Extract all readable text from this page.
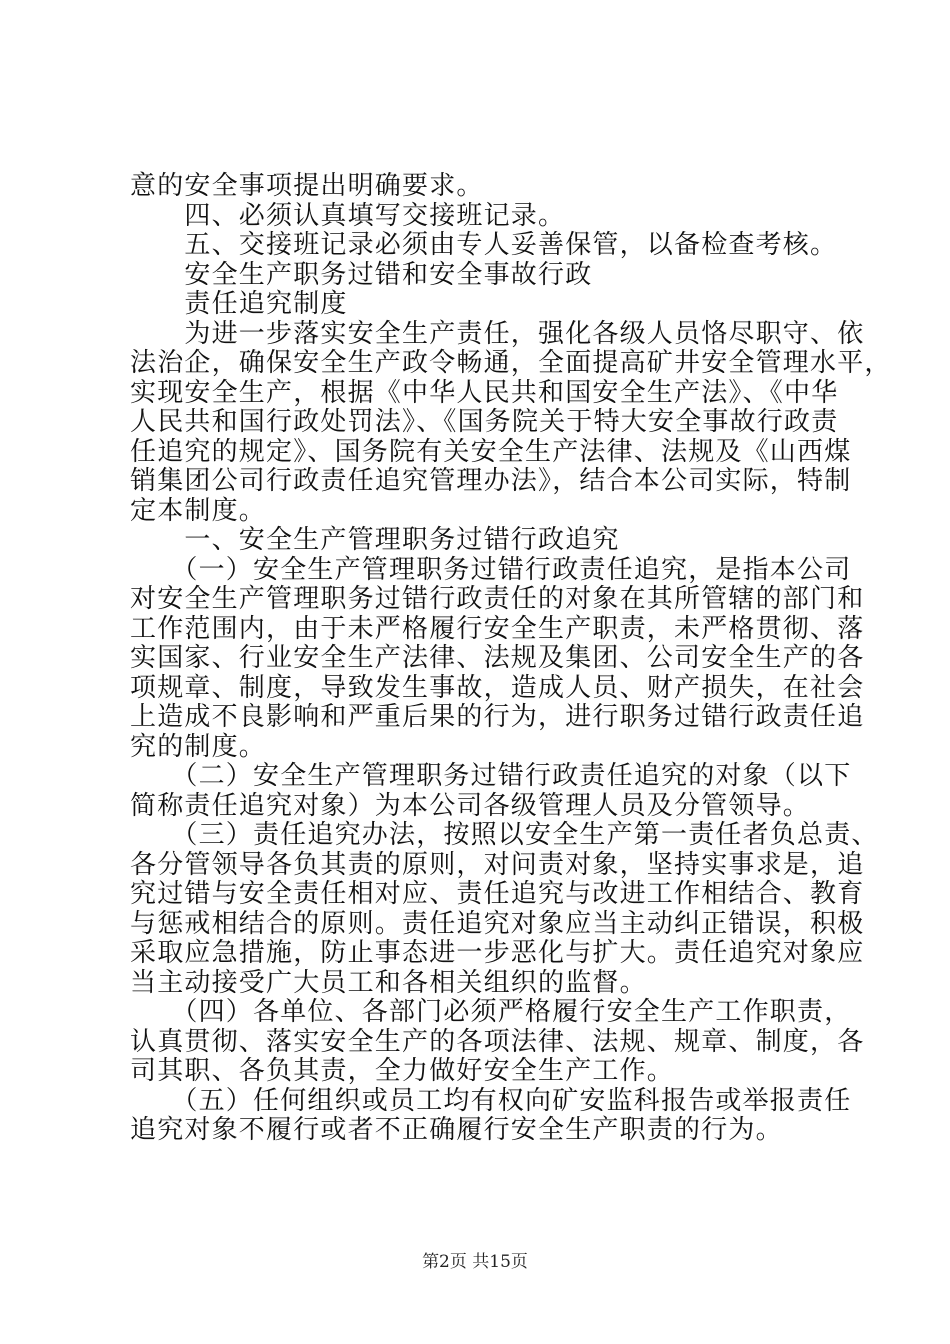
意的安全事项提出明确要求。
　　四、必须认真填写交接班记录。
　　五、交接班记录必须由专人妥善保管，以备检查考核。
　　安全生产职务过错和安全事故行政
　　责任追究制度
　　为进一步落实安全生产责任，强化各级人员恪尽职守、依
法治企，确保安全生产政令畅通，全面提高矿井安全管理水平，
实现安全生产，根据《中华人民共和国安全生产法》、《中华
人民共和国行政处罚法》、《国务院关于特大安全事故行政责
任追究的规定》、国务院有关安全生产法律、法规及《山西煤
销集团公司行政责任追究管理办法》，结合本公司实际，特制
定本制度。
　　一、安全生产管理职务过错行政追究
　　（一）安全生产管理职务过错行政责任追究，是指本公司
对安全生产管理职务过错行政责任的对象在其所管辖的部门和
工作范围内，由于未严格履行安全生产职责，未严格贯彻、落
实国家、行业安全生产法律、法规及集团、公司安全生产的各
项规章、制度，导致发生事故，造成人员、财产损失，在社会
上造成不良影响和严重后果的行为，进行职务过错行政责任追
究的制度。
　　（二）安全生产管理职务过错行政责任追究的对象（以下
简称责任追究对象）为本公司各级管理人员及分管领导。
　　（三）责任追究办法，按照以安全生产第一责任者负总责、
各分管领导各负其责的原则，对问责对象，坚持实事求是，追
究过错与安全责任相对应、责任追究与改进工作相结合、教育
与惩戒相结合的原则。责任追究对象应当主动纠正错误，积极
采取应急措施，防止事态进一步恶化与扩大。责任追究对象应
当主动接受广大员工和各相关组织的监督。
　　（四）各单位、各部门必须严格履行安全生产工作职责，
认真贯彻、落实安全生产的各项法律、法规、规章、制度，各
司其职、各负其责，全力做好安全生产工作。
　　（五）任何组织或员工均有权向矿安监科报告或举报责任
追究对象不履行或者不正确履行安全生产职责的行为。
第2页 共15页
